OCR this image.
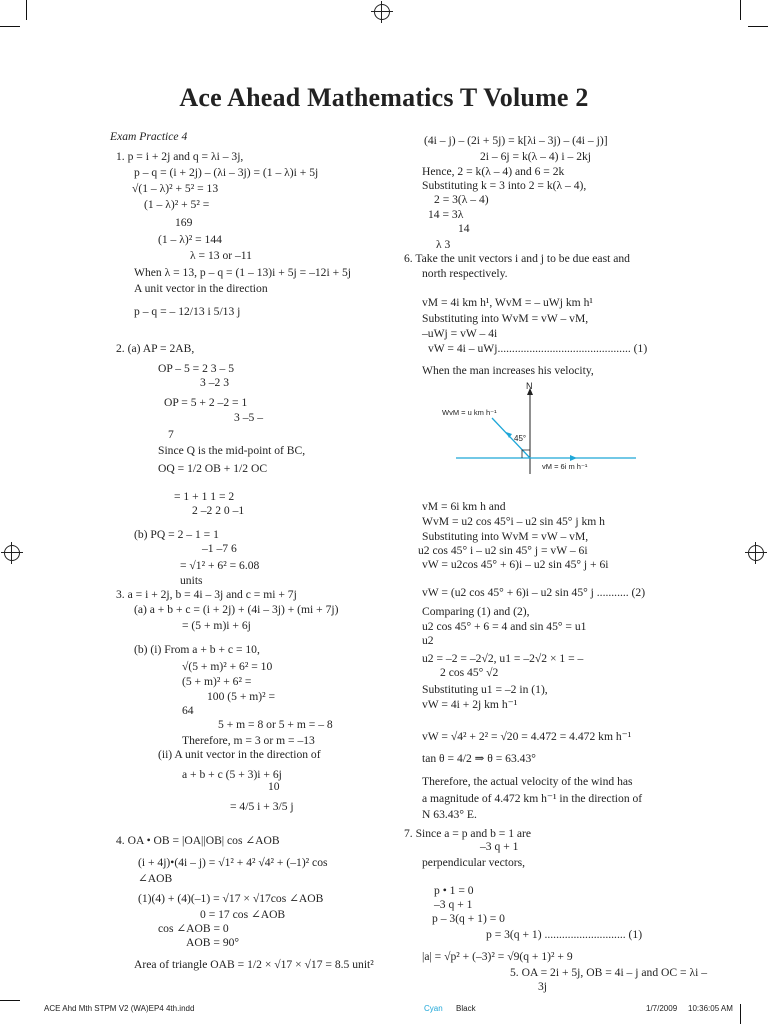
Ace Ahead Mathematics T Volume 2
Exam Practice 4
1. p = i + 2j and q = λi – 3j,
p – q = (i + 2j) – (λi – 3j) = (1 – λ)i + 5j
√(1 – λ)² + 5² = 13
(1 – λ)² + 5² =
169
(1 – λ)² = 144
λ = 13 or –11
When λ = 13, p – q = (1 – 13)i + 5j = –12i + 5j
A unit vector in the direction
p – q = – 12/13 i 5/13 j
2. (a) AP = 2AB,
OP – 5 = 2 3 – 5
3 –2 3
OP = 5 + 2 –2 = 1
3 –5 –
7
Since Q is the mid-point of BC,
OQ = 1/2 OB + 1/2 OC
= 1 + 1 1 = 2
2 –2 2 0 –1
(b) PQ = 2 – 1 = 1
–1 –7 6
= √1² + 6² = 6.08
units
3. a = i + 2j, b = 4i – 3j and c = mi + 7j
(a) a + b + c = (i + 2j) + (4i – 3j) + (mi + 7j)
= (5 + m)i + 6j
(b) (i) From a + b + c = 10,
√(5 + m)² + 6² = 10
(5 + m)² + 6² =
100 (5 + m)² =
64
5 + m = 8 or 5 + m = – 8
Therefore, m = 3 or m = –13
(ii) A unit vector in the direction of
a + b + c (5 + 3)i + 6j
10
= 4/5 i + 3/5 j
4. OA • OB = |OA||OB| cos ∠AOB
(i + 4j)•(4i – j) = √1² + 4² √4² + (–1)² cos
∠AOB
(1)(4) + (4)(–1) = √17 × √17cos ∠AOB
0 = 17 cos ∠AOB
cos ∠AOB = 0
AOB = 90°
Area of triangle OAB = 1/2 × √17 × √17 = 8.5 unit²
(4i – j) – (2i + 5j) = k[λi – 3j) – (4i – j)]
2i – 6j = k(λ – 4) i – 2kj
Hence, 2 = k(λ – 4) and 6 = 2k
Substituting k = 3 into 2 = k(λ – 4),
2 = 3(λ – 4)
14 = 3λ
14
λ 3
6. Take the unit vectors i and j to be due east and
north respectively.
vM = 4i km h¹, WvM = – uWj km h¹
Substituting into WvM = vW – vM,
–uWj = vW – 4i
vW = 4i – uWj.............................................. (1)
When the man increases his velocity,
N
45°
WvM = u km h⁻¹
vM = 6i m h⁻¹
vM = 6i km h and
WvM = u2 cos 45°i – u2 sin 45° j km h
Substituting into WvM = vW – vM,
u2 cos 45° i – u2 sin 45° j = vW – 6i
vW = u2cos 45° + 6)i – u2 sin 45° j + 6i
vW = (u2 cos 45° + 6)i – u2 sin 45° j ........... (2)
Comparing (1) and (2),
u2 cos 45° + 6 = 4 and sin 45° = u1
u2
u2 = –2 = –2√2, u1 = –2√2 × 1 = –
2 cos 45° √2
Substituting u1 = –2 in (1),
vW = 4i + 2j km h⁻¹
vW = √4² + 2² = √20 = 4.472 = 4.472 km h⁻¹
tan θ = 4/2 ⇒ θ = 63.43°
Therefore, the actual velocity of the wind has
a magnitude of 4.472 km h⁻¹ in the direction of
N 63.43° E.
7. Since a = p and b = 1 are
–3 q + 1
perpendicular vectors,
p • 1 = 0
–3 q + 1
p – 3(q + 1) = 0
p = 3(q + 1) ............................ (1)
|a| = √p² + (–3)² = √9(q + 1)² + 9
5. OA = 2i + 5j, OB = 4i – j and OC = λi –
3j
ACE Ahd Mth STPM V2 (WA)EP4 4th.indd	Cyan Black	1/7/2009 10:36:05 AM
